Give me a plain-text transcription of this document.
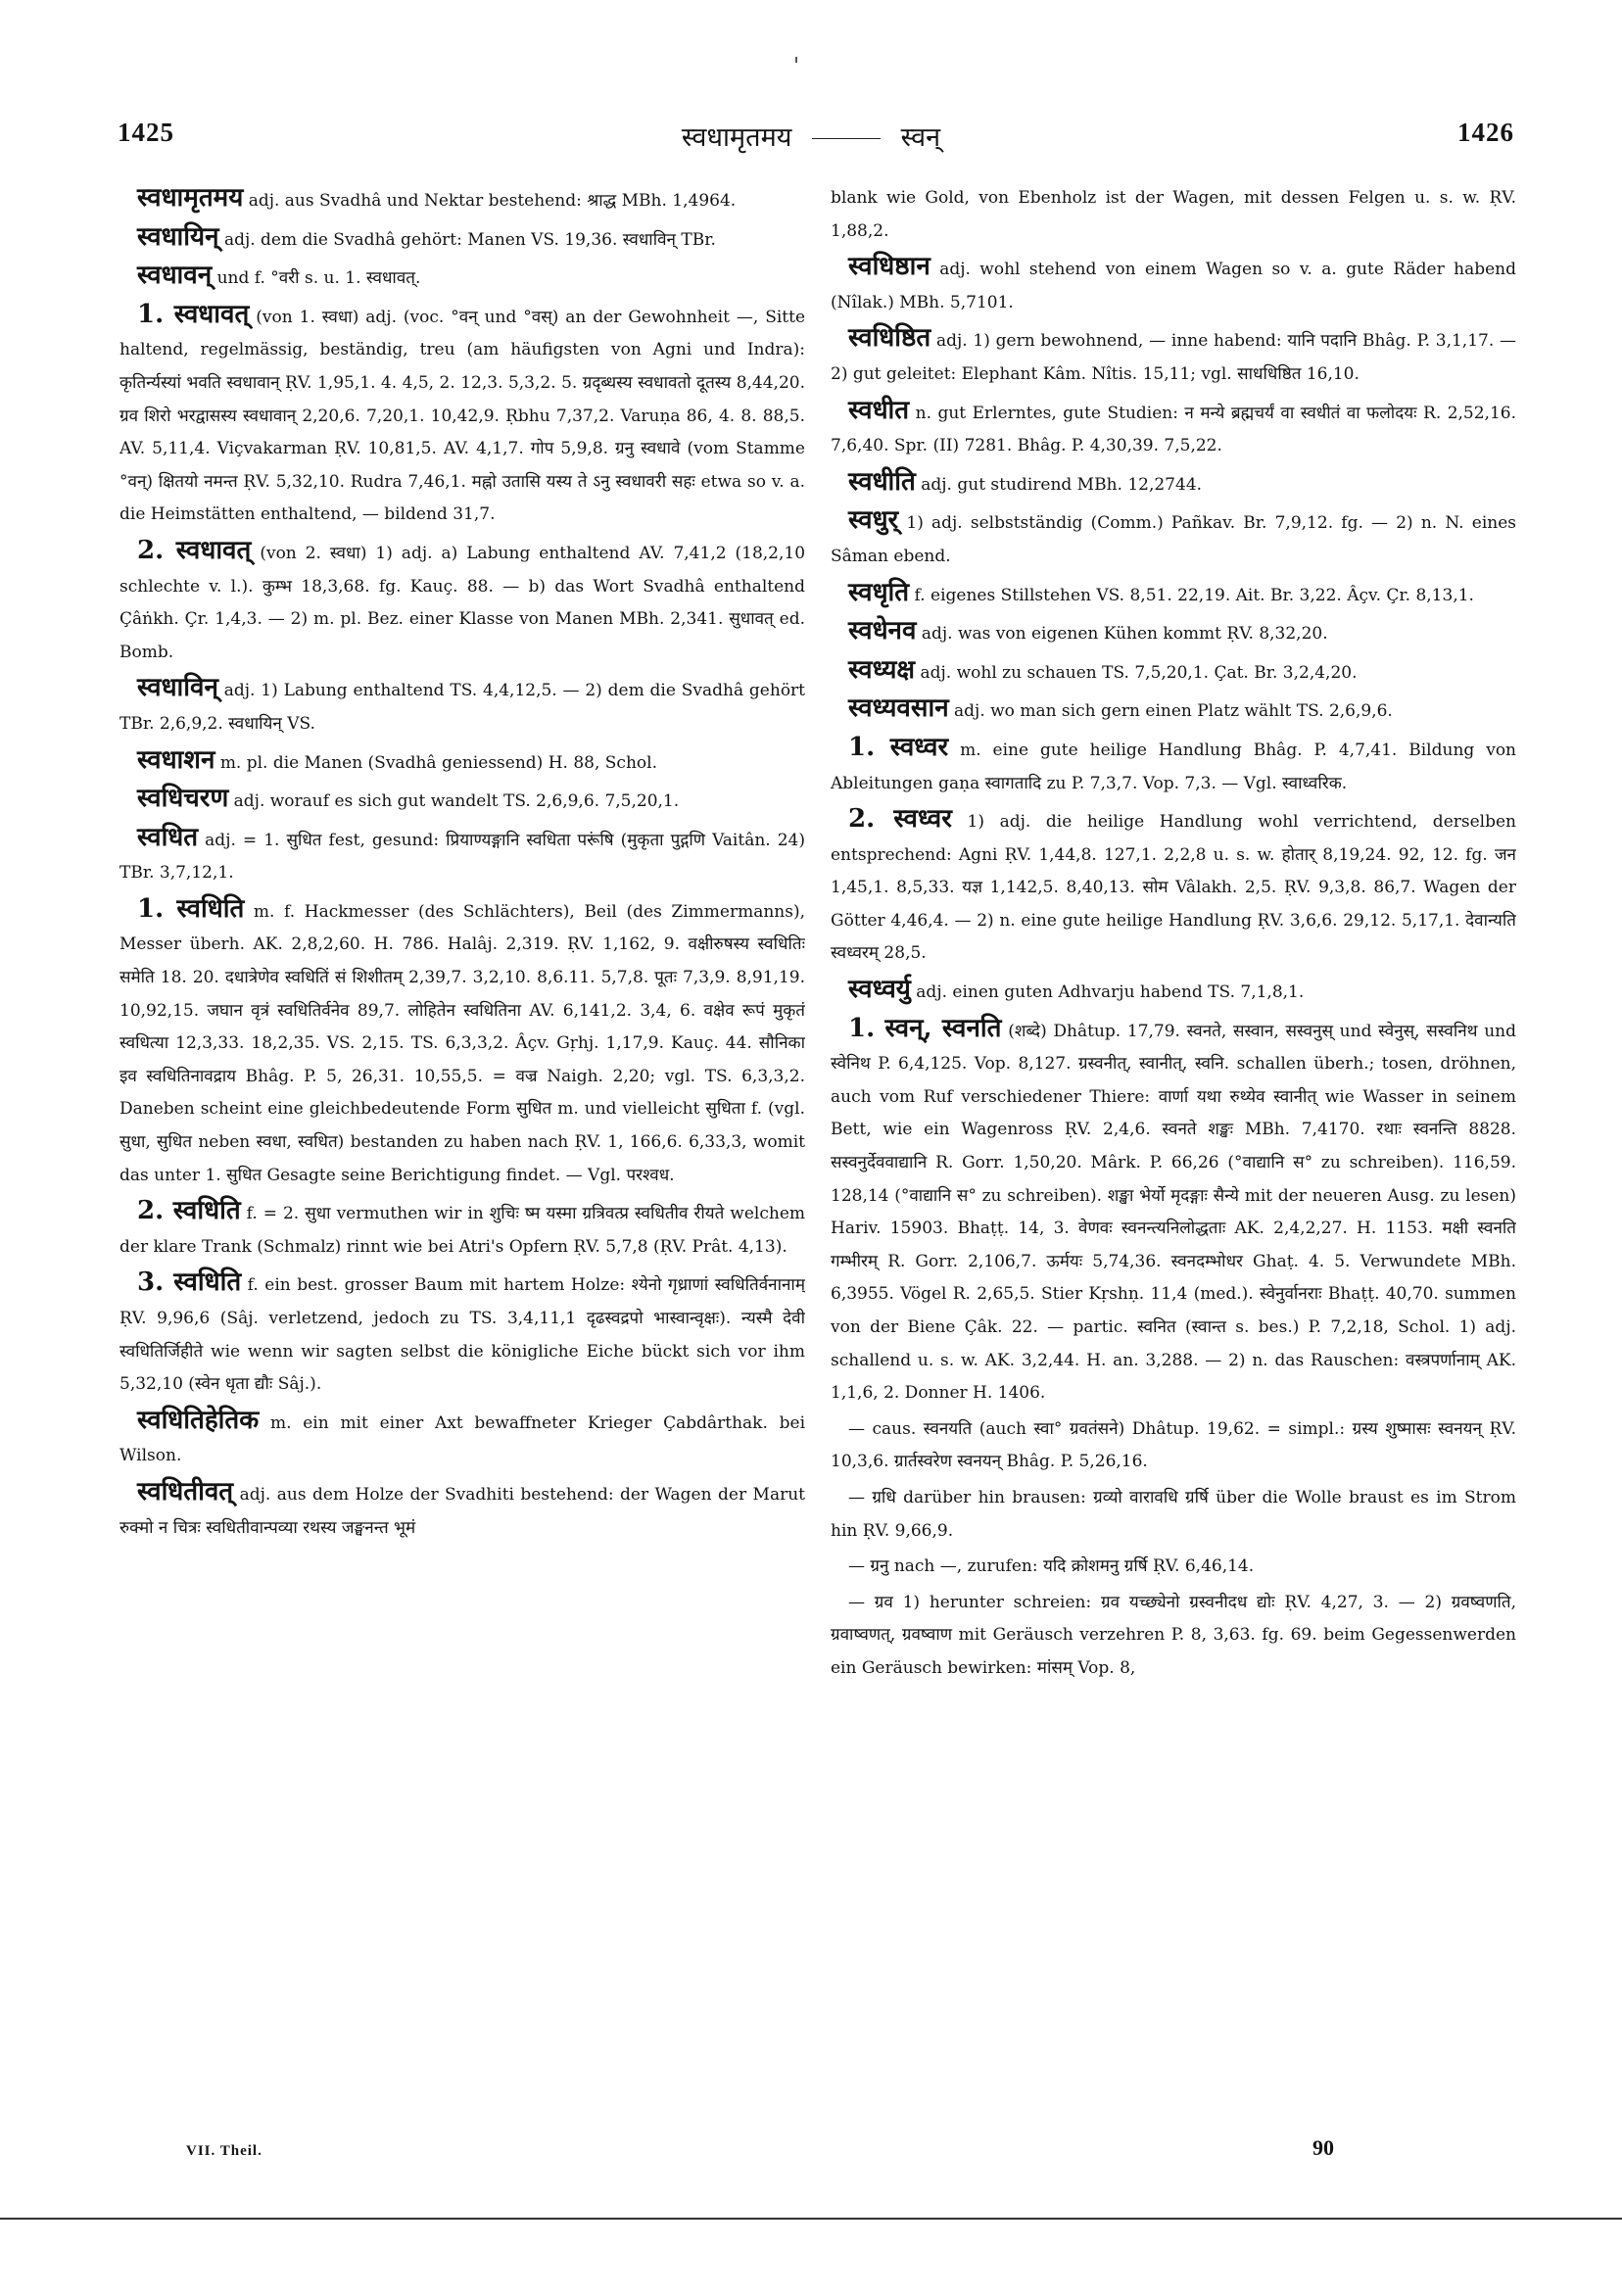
1425	स्वधामृतमय	स्वन्	1426

स्वधामृतमय adj. aus Svadhâ und Nektar bestehend: श्राद्ध MBh. 1,4964.

स्वधायिन् adj. dem die Svadhâ gehört: Manen VS. 19,36. स्वधाविन् TBr.

स्वधावन् und f. °वरी s. u. 1. स्वधावत्.

1. स्वधावत् (von 1. स्वधा) adj. (voc. °वन् und °वस्) an der Gewohnheit —, Sitte haltend, regelmässig, beständig, treu (am häufigsten von Agni und Indra): कृतिर्न्यस्यां भवति स्वधावान् ṚV. 1,95,1. 4. 4,5, 2. 12,3. 5,3,2. 5. ग्रदृब्धस्य स्वधावतो दूतस्य 8,44,20. ग्रव शिरो भरद्वासस्य स्वधावान् 2,20,6. 7,20,1. 10,42,9. Ṛbhu 7,37,2. Varuṇa 86, 4. 8. 88,5. AV. 5,11,4. Viçvakarman ṚV. 10,81,5. AV. 4,1,7. गोप 5,9,8. ग्रनु स्वधावे (vom Stamme °वन्) क्षितयो नमन्त ṚV. 5,32,10. Rudra 7,46,1. मह्नो उतासि यस्य ते ऽनु स्वधावरी सहः etwa so v. a. die Heimstätten enthaltend, — bildend 31,7.

2. स्वधावत् (von 2. स्वधा) 1) adj. a) Labung enthaltend AV. 7,41,2 (18,2,10 schlechte v. l.). कुम्भ 18,3,68. fg. Kauç. 88. — b) das Wort Svadhâ enthaltend Çâṅkh. Çr. 1,4,3. — 2) m. pl. Bez. einer Klasse von Manen MBh. 2,341. सुधावत् ed. Bomb.

स्वधाविन् adj. 1) Labung enthaltend TS. 4,4,12,5. — 2) dem die Svadhâ gehört TBr. 2,6,9,2. स्वधायिन् VS.

स्वधाशन m. pl. die Manen (Svadhâ geniessend) H. 88, Schol.

स्वधिचरण adj. worauf es sich gut wandelt TS. 2,6,9,6. 7,5,20,1.

स्वधित adj. = 1. सुधित fest, gesund: प्रियाण्यङ्गानि स्वधिता परूंषि (मुकृता पुद्गणि Vaitân. 24) TBr. 3,7,12,1.

1. स्वधिति m. f. Hackmesser (des Schlächters), Beil (des Zimmermanns), Messer überh. AK. 2,8,2,60. H. 786. Halâj. 2,319. ṚV. 1,162, 9. वक्षीरुषस्य स्वधितिः समेति 18. 20. दधात्रेणेव स्वधितिं सं शिशीतम् 2,39,7. 3,2,10. 8,6.11. 5,7,8. पूतः 7,3,9. 8,91,19. 10,92,15. जघान वृत्रं स्वधितिर्वनेव 89,7. लोहितेन स्वधितिना AV. 6,141,2. 3,4, 6. वक्षेव रूपं मुकृतं स्वधित्या 12,3,33. 18,2,35. VS. 2,15. TS. 6,3,3,2. Âçv. Gṛhj. 1,17,9. Kauç. 44. सौनिका इव स्वधितिनावद्राय Bhâg. P. 5, 26,31. 10,55,5. = वज्र Naigh. 2,20; vgl. TS. 6,3,3,2. Daneben scheint eine gleichbedeutende Form सुधित m. und vielleicht सुधिता f. (vgl. सुधा, सुधित neben स्वधा, स्वधित) bestanden zu haben nach ṚV. 1, 166,6. 6,33,3, womit das unter 1. सुधित Gesagte seine Berichtigung findet. — Vgl. परश्वध.

2. स्वधिति f. = 2. सुधा vermuthen wir in शुचिः ष्म यस्मा ग्रत्रिवत्प्र स्वधितीव रीयते welchem der klare Trank (Schmalz) rinnt wie bei Atri's Opfern ṚV. 5,7,8 (ṚV. Prât. 4,13).

3. स्वधिति f. ein best. grosser Baum mit hartem Holze: श्येनो गृध्राणां स्वधितिर्वनानाम् ṚV. 9,96,6 (Sâj. verletzend, jedoch zu TS. 3,4,11,1 दृढस्वद्रपो भास्वान्वृक्षः). न्यस्मै देवी स्वधितिर्जिहीते wie wenn wir sagten selbst die königliche Eiche bückt sich vor ihm 5,32,10 (स्वेन धृता द्यौः Sâj.).

स्वधितिहेतिक m. ein mit einer Axt bewaffneter Krieger Çabdârthak. bei Wilson.

स्वधितीवत् adj. aus dem Holze der Svadhiti bestehend: der Wagen der Marut रुक्मो न चित्रः स्वधितीवान्पव्या रथस्य जङ्घनन्त भूमं

blank wie Gold, von Ebenholz ist der Wagen, mit dessen Felgen u. s. w. ṚV. 1,88,2.

स्वधिष्ठान adj. wohl stehend von einem Wagen so v. a. gute Räder habend (Nîlak.) MBh. 5,7101.

स्वधिष्ठित adj. 1) gern bewohnend, — inne habend: यानि पदानि Bhâg. P. 3,1,17. — 2) gut geleitet: Elephant Kâm. Nîtis. 15,11; vgl. साधधिष्ठित 16,10.

स्वधीत n. gut Erlerntes, gute Studien: न मन्ये ब्रह्मचर्यं वा स्वधीतं वा फलोदयः R. 2,52,16. 7,6,40. Spr. (II) 7281. Bhâg. P. 4,30,39. 7,5,22.

स्वधीति adj. gut studirend MBh. 12,2744.

स्वधुर् 1) adj. selbstständig (Comm.) Pañkav. Br. 7,9,12. fg. — 2) n. N. eines Sâman ebend.

स्वधृति f. eigenes Stillstehen VS. 8,51. 22,19. Ait. Br. 3,22. Âçv. Çr. 8,13,1.

स्वधेनव adj. was von eigenen Kühen kommt ṚV. 8,32,20.

स्वध्यक्ष adj. wohl zu schauen TS. 7,5,20,1. Çat. Br. 3,2,4,20.

स्वध्यवसान adj. wo man sich gern einen Platz wählt TS. 2,6,9,6.

1. स्वध्वर m. eine gute heilige Handlung Bhâg. P. 4,7,41. Bildung von Ableitungen gaṇa स्वागतादि zu P. 7,3,7. Vop. 7,3. — Vgl. स्वाध्वरिक.

2. स्वध्वर 1) adj. die heilige Handlung wohl verrichtend, derselben entsprechend: Agni ṚV. 1,44,8. 127,1. 2,2,8 u. s. w. होतार् 8,19,24. 92, 12. fg. जन 1,45,1. 8,5,33. यज्ञ 1,142,5. 8,40,13. सोम Vâlakh. 2,5. ṚV. 9,3,8. 86,7. Wagen der Götter 4,46,4. — 2) n. eine gute heilige Handlung ṚV. 3,6,6. 29,12. 5,17,1. देवान्यति स्वध्वरम् 28,5.

स्वध्वर्यु adj. einen guten Adhvarju habend TS. 7,1,8,1.

1. स्वन्, स्वनति (शब्दे) Dhâtup. 17,79. स्वनते, सस्वान, सस्वनुस् und स्वेनुस्, सस्वनिथ und स्वेनिथ P. 6,4,125. Vop. 8,127. ग्रस्वनीत्, स्वानीत्, स्वनि. schallen überh.; tosen, dröhnen, auch vom Ruf verschiedener Thiere: वार्णा यथा रुथ्येव स्वानीत् wie Wasser in seinem Bett, wie ein Wagenross ṚV. 2,4,6. स्वनते शङ्खः MBh. 7,4170. रथाः स्वनन्ति 8828. सस्वनुर्देववाद्यानि R. Gorr. 1,50,20. Mârk. P. 66,26 (°वाद्यानि स° zu schreiben). 116,59. 128,14 (°वाद्यानि स° zu schreiben). शङ्खा भेर्यो मृदङ्गाः सैन्ये mit der neueren Ausg. zu lesen) Hariv. 15903. Bhaṭṭ. 14, 3. वेणवः स्वनन्त्यनिलोद्धताः AK. 2,4,2,27. H. 1153. मक्षी स्वनति गम्भीरम् R. Gorr. 2,106,7. ऊर्मयः 5,74,36. स्वनदम्भोधर Ghaṭ. 4. 5. Verwundete MBh. 6,3955. Vögel R. 2,65,5. Stier Kṛshṇ. 11,4 (med.). स्वेनुर्वानराः Bhaṭṭ. 40,70. summen von der Biene Çâk. 22. — partic. स्वनित (स्वान्त s. bes.) P. 7,2,18, Schol. 1) adj. schallend u. s. w. AK. 3,2,44. H. an. 3,288. — 2) n. das Rauschen: वस्त्रपर्णानाम् AK. 1,1,6, 2. Donner H. 1406.

— caus. स्वनयति (auch स्वा° ग्रवतंसने) Dhâtup. 19,62. = simpl.: ग्रस्य शुष्मासः स्वनयन् ṚV. 10,3,6. ग्रार्तस्वरेण स्वनयन् Bhâg. P. 5,26,16.

— ग्रधि darüber hin brausen: ग्रव्यो वारावधि ग्रर्षि über die Wolle braust es im Strom hin ṚV. 9,66,9.

— ग्रनु nach —, zurufen: यदि क्रोशमनु ग्रर्षि ṚV. 6,46,14.

— ग्रव 1) herunter schreien: ग्रव यच्छ्येनो ग्रस्वनीदध द्योः ṚV. 4,27, 3. — 2) ग्रवष्वणति, ग्रवाष्वणत्, ग्रवष्वाण mit Geräusch verzehren P. 8, 3,63. fg. 69. beim Gegessenwerden ein Geräusch bewirken: मांसम् Vop. 8,

VII. Theil.	90
